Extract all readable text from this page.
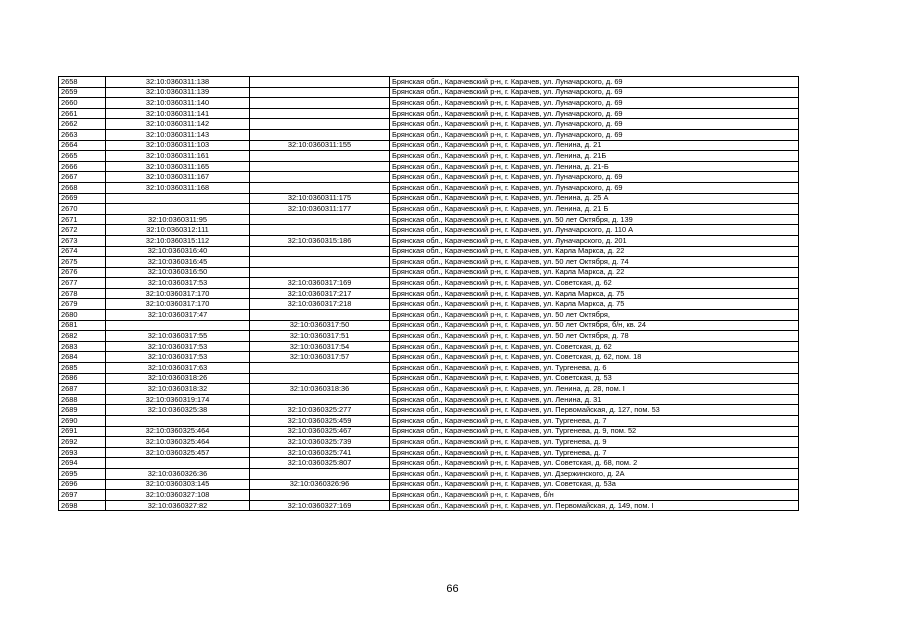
2658	32:10:0360311:138		Брянская обл., Карачевский р-н, г. Карачев, ул. Луначарского, д. 69
2659	32:10:0360311:139		Брянская обл., Карачевский р-н, г. Карачев, ул. Луначарского, д. 69
2660	32:10:0360311:140		Брянская обл., Карачевский р-н, г. Карачев, ул. Луначарского, д. 69
2661	32:10:0360311:141		Брянская обл., Карачевский р-н, г. Карачев, ул. Луначарского, д. 69
2662	32:10:0360311:142		Брянская обл., Карачевский р-н, г. Карачев, ул. Луначарского, д. 69
2663	32:10:0360311:143		Брянская обл., Карачевский р-н, г. Карачев, ул. Луначарского, д. 69
2664	32:10:0360311:103	32:10:0360311:155	Брянская обл., Карачевский р-н, г. Карачев, ул. Ленина, д. 21
2665	32:10:0360311:161		Брянская обл., Карачевский р-н, г. Карачев, ул. Ленина, д. 21Б
2666	32:10:0360311:165		Брянская обл., Карачевский р-н, г. Карачев, ул. Ленина, д. 21-Б
2667	32:10:0360311:167		Брянская обл., Карачевский р-н, г. Карачев, ул. Луначарского, д. 69
2668	32:10:0360311:168		Брянская обл., Карачевский р-н, г. Карачев, ул. Луначарского, д. 69
2669		32:10:0360311:175	Брянская обл., Карачевский р-н, г. Карачев, ул. Ленина, д. 25 А
2670		32:10:0360311:177	Брянская обл., Карачевский р-н, г. Карачев, ул. Ленина, д. 21 Б
2671	32:10:0360311:95		Брянская обл., Карачевский р-н, г. Карачев, ул. 50 лет Октября, д. 139
2672	32:10:0360312:111		Брянская обл., Карачевский р-н, г. Карачев, ул. Луначарского, д. 110 А
2673	32:10:0360315:112	32:10:0360315:186	Брянская обл., Карачевский р-н, г. Карачев, ул. Луначарского, д. 201
2674	32:10:0360316:40		Брянская обл., Карачевский р-н, г. Карачев, ул. Карла Маркса, д. 22
2675	32:10:0360316:45		Брянская обл., Карачевский р-н, г. Карачев, ул. 50 лет Октября, д. 74
2676	32:10:0360316:50		Брянская обл., Карачевский р-н, г. Карачев, ул. Карла Маркса, д. 22
2677	32:10:0360317:53	32:10:0360317:169	Брянская обл., Карачевский р-н, г. Карачев, ул. Советская, д. 62
2678	32:10:0360317:170	32:10:0360317:217	Брянская обл., Карачевский р-н, г. Карачев, ул. Карла Маркса, д. 75
2679	32:10:0360317:170	32:10:0360317:218	Брянская обл., Карачевский р-н, г. Карачев, ул. Карла Маркса, д. 75
2680	32:10:0360317:47		Брянская обл., Карачевский р-н, г. Карачев, ул. 50 лет Октября,
2681		32:10:0360317:50	Брянская обл., Карачевский р-н, г. Карачев, ул. 50 лет Октября, б/н, кв. 24
2682	32:10:0360317:55	32:10:0360317:51	Брянская обл., Карачевский р-н, г. Карачев, ул. 50 лет Октября, д. 78
2683	32:10:0360317:53	32:10:0360317:54	Брянская обл., Карачевский р-н, г. Карачев, ул. Советская, д. 62
2684	32:10:0360317:53	32:10:0360317:57	Брянская обл., Карачевский р-н, г. Карачев, ул. Советская, д. 62, пом. 18
2685	32:10:0360317:63		Брянская обл., Карачевский р-н, г. Карачев, ул. Тургенева, д. 6
2686	32:10:0360318:26		Брянская обл., Карачевский р-н, г. Карачев, ул. Советская, д. 53
2687	32:10:0360318:32	32:10:0360318:36	Брянская обл., Карачевский р-н, г. Карачев, ул. Ленина, д. 28, пом. I
2688	32:10:0360319:174		Брянская обл., Карачевский р-н, г. Карачев, ул. Ленина, д. 31
2689	32:10:0360325:38	32:10:0360325:277	Брянская обл., Карачевский р-н, г. Карачев, ул. Первомайская, д. 127, пом. 53
2690		32:10:0360325:459	Брянская обл., Карачевский р-н, г. Карачев, ул. Тургенева, д. 7
2691	32:10:0360325:464	32:10:0360325:467	Брянская обл., Карачевский р-н, г. Карачев, ул. Тургенева, д. 9, пом. 52
2692	32:10:0360325:464	32:10:0360325:739	Брянская обл., Карачевский р-н, г. Карачев, ул. Тургенева, д. 9
2693	32:10:0360325:457	32:10:0360325:741	Брянская обл., Карачевский р-н, г. Карачев, ул. Тургенева, д. 7
2694		32:10:0360325:807	Брянская обл., Карачевский р-н, г. Карачев, ул. Советская, д. 68, пом. 2
2695	32:10:0360326:36		Брянская обл., Карачевский р-н, г. Карачев, ул. Дзержинского, д. 2А
2696	32:10:0360303:145	32:10:0360326:96	Брянская обл., Карачевский р-н, г. Карачев, ул. Советская, д. 53а
2697	32:10:0360327:108		Брянская обл., Карачевский р-н, г. Карачев, б/н
2698	32:10:0360327:82	32:10:0360327:169	Брянская обл., Карачевский р-н, г. Карачев, ул. Первомайская, д. 149, пом. I
66
